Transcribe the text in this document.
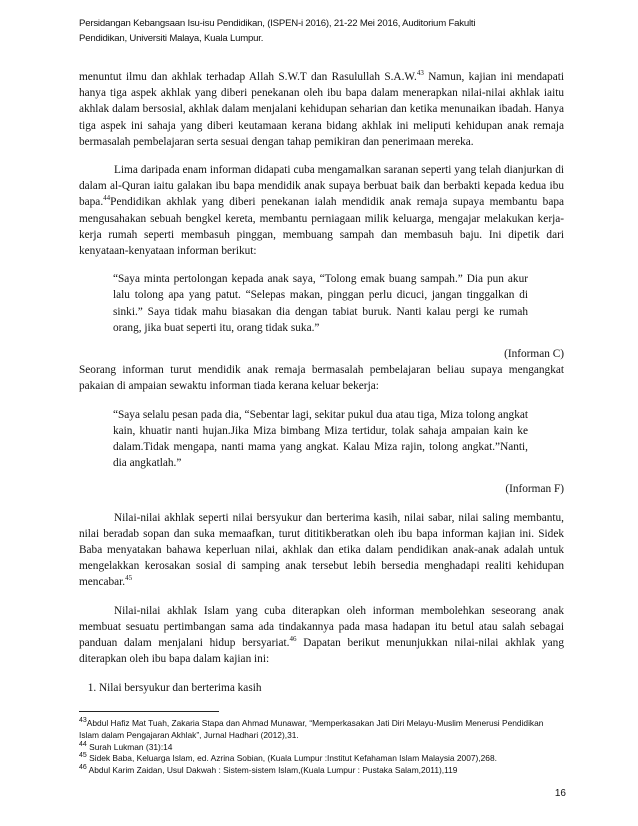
Persidangan Kebangsaan Isu-isu Pendidikan, (ISPEN-i 2016), 21-22 Mei 2016, Auditorium Fakulti
Pendidikan, Universiti Malaya, Kuala Lumpur.

menuntut ilmu dan akhlak terhadap Allah S.W.T dan Rasulullah S.A.W.$^{43}$ Namun, kajian ini mendapati hanya tiga aspek akhlak yang diberi penekanan oleh ibu bapa dalam menerapkan nilai-nilai akhlak iaitu akhlak dalam bersosial, akhlak dalam menjalani kehidupan seharian dan ketika menunaikan ibadah. Hanya tiga aspek ini sahaja yang diberi keutamaan kerana bidang akhlak ini meliputi kehidupan anak remaja bermasalah pembelajaran serta sesuai dengan tahap pemikiran dan penerimaan mereka.

Lima daripada enam informan didapati cuba mengamalkan saranan seperti yang telah dianjurkan di dalam al-Quran iaitu galakan ibu bapa mendidik anak supaya berbuat baik dan berbakti kepada kedua ibu bapa.$^{44}$Pendidikan akhlak yang diberi penekanan ialah mendidik anak remaja supaya membantu bapa mengusahakan sebuah bengkel kereta, membantu perniagaan milik keluarga, mengajar melakukan kerja-kerja rumah seperti membasuh pinggan, membuang sampah dan membasuh baju. Ini dipetik dari kenyataan-kenyataan informan berikut:

“Saya minta pertolongan kepada anak saya, “Tolong emak buang sampah.” Dia pun akur lalu tolong apa yang patut. “Selepas makan, pinggan perlu dicuci, jangan tinggalkan di sinki.” Saya tidak mahu biasakan dia dengan tabiat buruk. Nanti kalau pergi ke rumah orang, jika buat seperti itu, orang tidak suka.”

(Informan C)

Seorang informan turut mendidik anak remaja bermasalah pembelajaran beliau supaya mengangkat pakaian di ampaian sewaktu informan tiada kerana keluar bekerja:

“Saya selalu pesan pada dia, “Sebentar lagi, sekitar pukul dua atau tiga, Miza tolong angkat kain, khuatir nanti hujan.Jika Miza bimbang Miza tertidur, tolak sahaja ampaian kain ke dalam.Tidak mengapa, nanti mama yang angkat. Kalau Miza rajin, tolong angkat.”Nanti, dia angkatlah.”

(Informan F)

Nilai-nilai akhlak seperti nilai bersyukur dan berterima kasih, nilai sabar, nilai saling membantu, nilai beradab sopan dan suka memaafkan, turut dititikberatkan oleh ibu bapa informan kajian ini. Sidek Baba menyatakan bahawa keperluan nilai, akhlak dan etika dalam pendidikan anak-anak adalah untuk mengelakkan kerosakan sosial di samping anak tersebut lebih bersedia menghadapi realiti kehidupan mencabar.$^{45}$

Nilai-nilai akhlak Islam yang cuba diterapkan oleh informan membolehkan seseorang anak membuat sesuatu pertimbangan sama ada tindakannya pada masa hadapan itu betul atau salah sebagai panduan dalam menjalani hidup bersyariat.$^{46}$ Dapatan berikut menunjukkan nilai-nilai akhlak yang diterapkan oleh ibu bapa dalam kajian ini:

1. Nilai bersyukur dan berterima kasih

$^{43}$Abdul Hafiz Mat Tuah, Zakaria Stapa dan Ahmad Munawar, “Memperkasakan Jati Diri Melayu-Muslim Menerusi Pendidikan Islam dalam Pengajaran Akhlak”, Jurnal Hadhari (2012),31.

$^{44}$ Surah Lukman (31):14

$^{45}$ Sidek Baba, Keluarga Islam, ed. Azrina Sobian, (Kuala Lumpur :Institut Kefahaman Islam Malaysia 2007),268.

$^{46}$ Abdul Karim Zaidan, Usul Dakwah : Sistem-sistem Islam,(Kuala Lumpur : Pustaka Salam,2011),119

16
